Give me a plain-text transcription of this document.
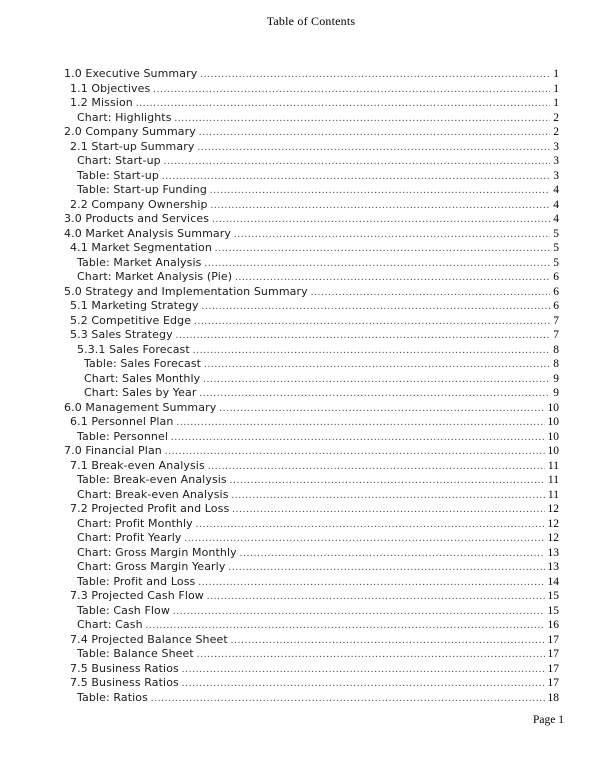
Table of Contents
1.0 Executive Summary .....	1
1.1 Objectives .....	1
1.2 Mission .....	1
Chart: Highlights .....	2
2.0 Company Summary .....	2
2.1 Start-up Summary .....	3
Chart: Start-up .....	3
Table: Start-up .....	3
Table: Start-up Funding .....	4
2.2 Company Ownership .....	4
3.0 Products and Services .....	4
4.0 Market Analysis Summary .....	5
4.1 Market Segmentation .....	5
Table: Market Analysis .....	5
Chart: Market Analysis (Pie) .....	6
5.0 Strategy and Implementation Summary .....	6
5.1 Marketing Strategy .....	6
5.2 Competitive Edge .....	7
5.3 Sales Strategy .....	7
5.3.1 Sales Forecast .....	8
Table: Sales Forecast .....	8
Chart: Sales Monthly .....	9
Chart: Sales by Year .....	9
6.0 Management Summary .....	10
6.1 Personnel Plan .....	10
Table: Personnel .....	10
7.0 Financial Plan .....	10
7.1 Break-even Analysis .....	11
Table: Break-even Analysis .....	11
Chart: Break-even Analysis .....	11
7.2 Projected Profit and Loss .....	12
Chart: Profit Monthly .....	12
Chart: Profit Yearly .....	12
Chart: Gross Margin Monthly .....	13
Chart: Gross Margin Yearly .....	13
Table: Profit and Loss .....	14
7.3 Projected Cash Flow .....	15
Table: Cash Flow .....	15
Chart: Cash .....	16
7.4 Projected Balance Sheet .....	17
Table: Balance Sheet .....	17
7.5 Business Ratios .....	17
7.5 Business Ratios .....	17
Table: Ratios .....	18
Page 1
